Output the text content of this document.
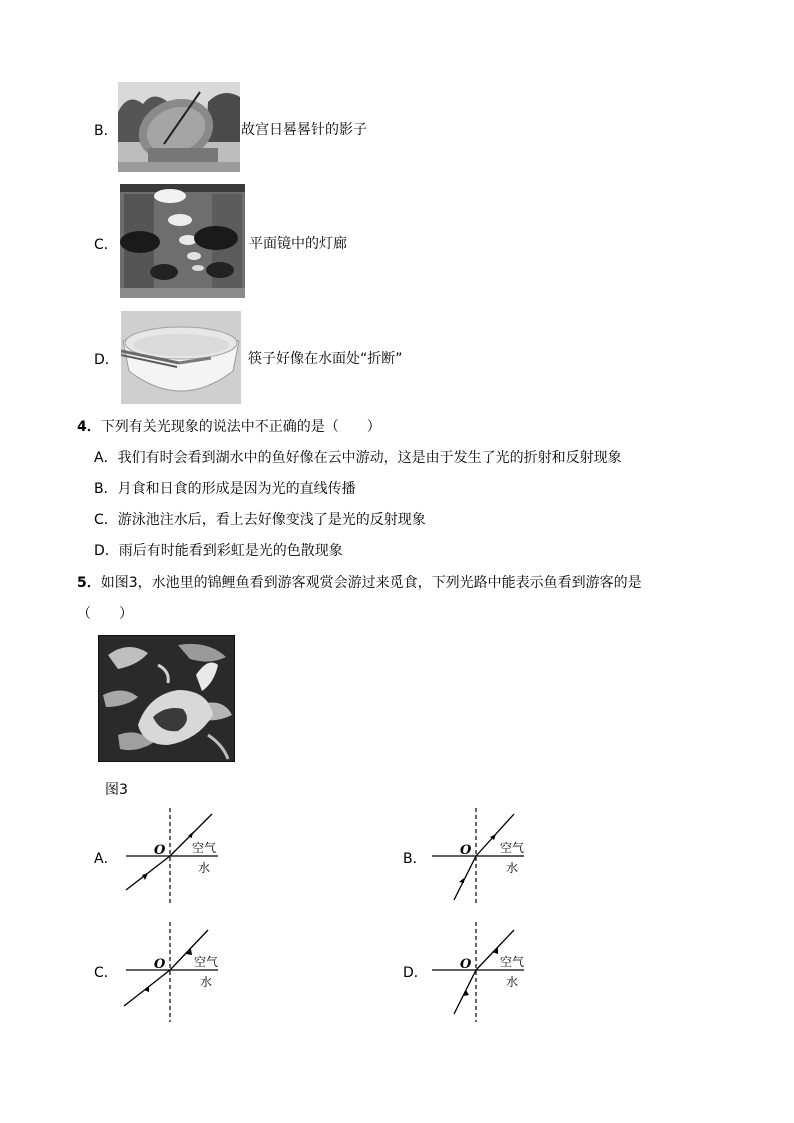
B．	故宫日晷晷针的影子
C．	平面镜中的灯廊
D．	筷子好像在水面处“折断”
4．下列有关光现象的说法中不正确的是（　　）
A．我们有时会看到湖水中的鱼好像在云中游动，这是由于发生了光的折射和反射现象
B．月食和日食的形成是因为光的直线传播
C．游泳池注水后，看上去好像变浅了是光的反射现象
D．雨后有时能看到彩虹是光的色散现象
5．如图3，水池里的锦鲤鱼看到游客观赏会游过来觅食，下列光路中能表示鱼看到游客的是
（　　）
图3
A．
O 空气
水
B．
O 空气
水
C．
O 空气
水
D．
O 空气
水
